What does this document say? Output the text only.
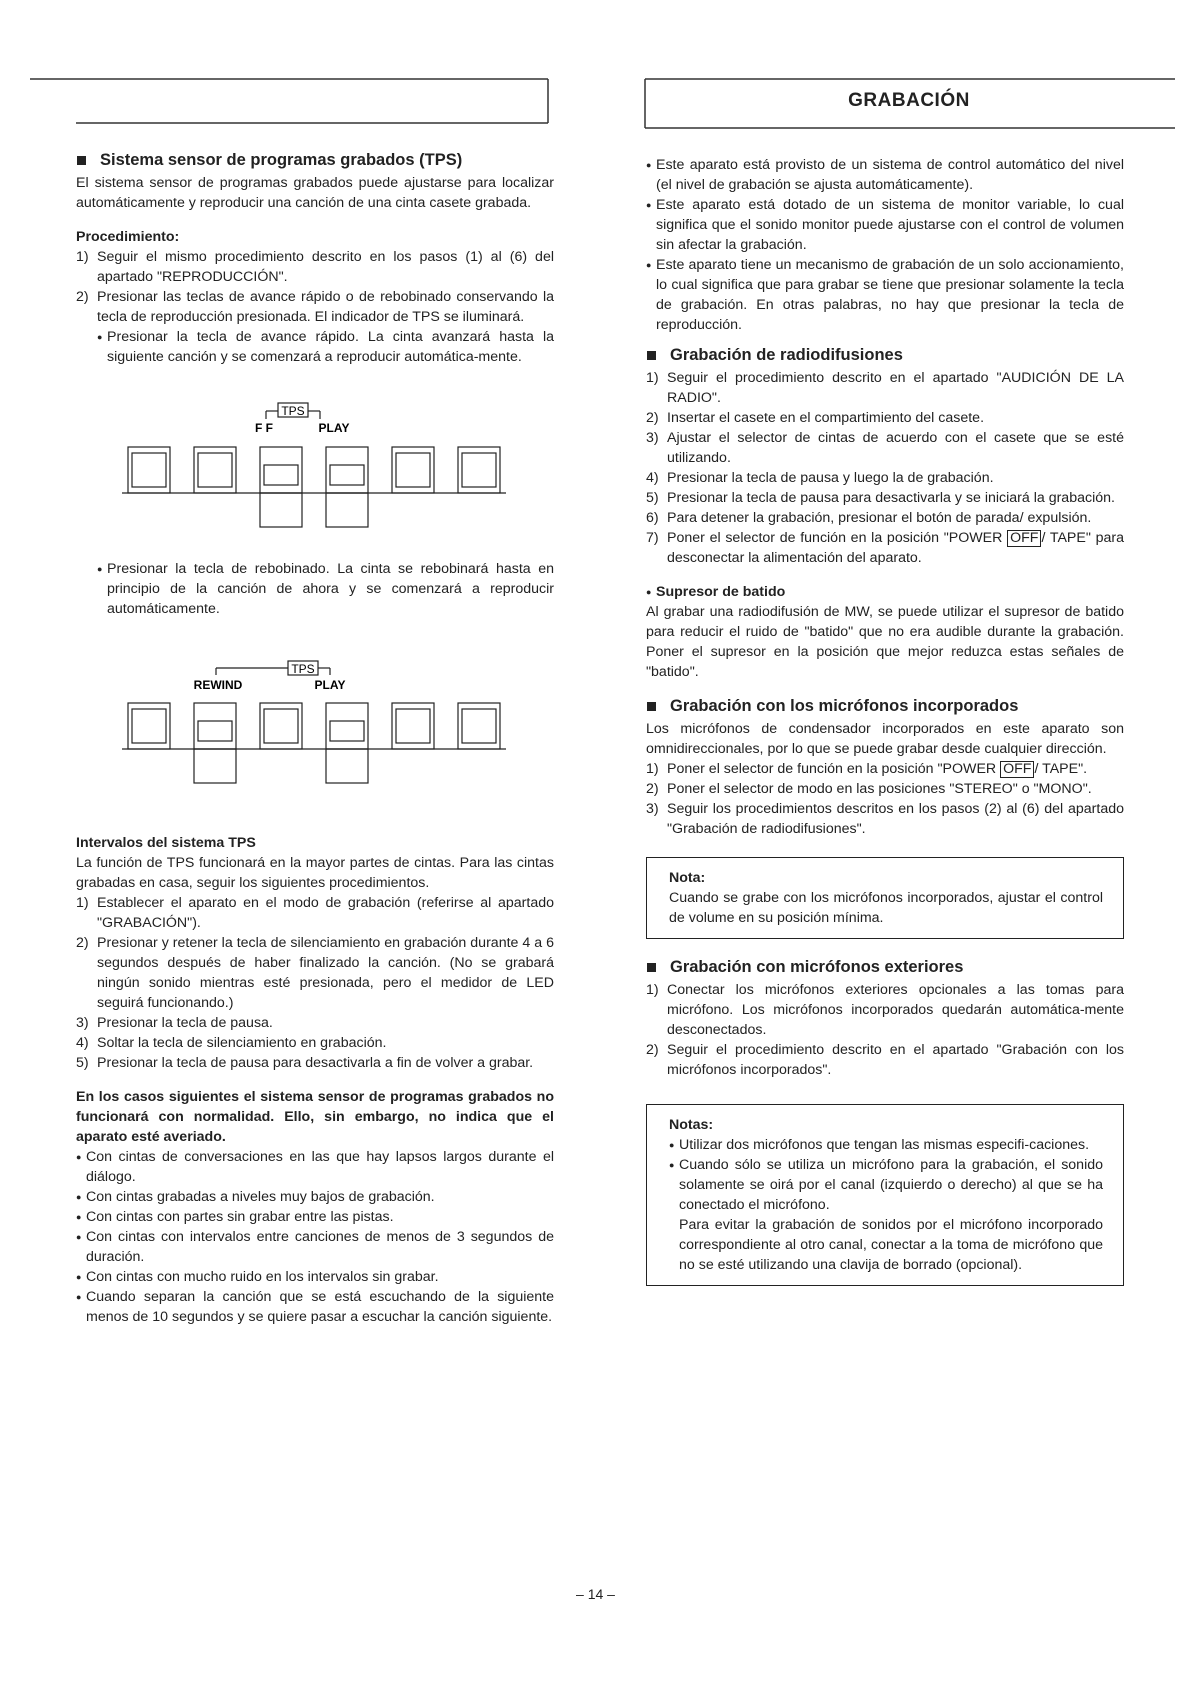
GRABACIÓN
Sistema sensor de programas grabados (TPS)

El sistema sensor de programas grabados puede ajustarse para localizar automáticamente y reproducir una canción de una cinta casete grabada.

Procedimiento:

1) Seguir el mismo procedimiento descrito en los pasos (1) al (6) del apartado "REPRODUCCIÓN".
2) Presionar las teclas de avance rápido o de rebobinado conservando la tecla de reproducción presionada. El indicador de TPS se iluminará.
● Presionar la tecla de avance rápido. La cinta avanzará hasta la siguiente canción y se comenzará a reproducir automática-mente.
TPS
F F	PLAY
● Presionar la tecla de rebobinado. La cinta se rebobinará hasta en principio de la canción de ahora y se comenzará a reproducir automáticamente.
TPS
REWIND	PLAY

Intervalos del sistema TPS

La función de TPS funcionará en la mayor partes de cintas. Para las cintas grabadas en casa, seguir los siguientes procedimientos.

1) Establecer el aparato en el modo de grabación (referirse al apartado "GRABACIÓN").
2) Presionar y retener la tecla de silenciamiento en grabación durante 4 a 6 segundos después de haber finalizado la canción. (No se grabará ningún sonido mientras esté presionada, pero el medidor de LED seguirá funcionando.)
3) Presionar la tecla de pausa.
4) Soltar la tecla de silenciamiento en grabación.
5) Presionar la tecla de pausa para desactivarla a fin de volver a grabar.

En los casos siguientes el sistema sensor de programas grabados no funcionará con normalidad. Ello, sin embargo, no indica que el aparato esté averiado.

● Con cintas de conversaciones en las que hay lapsos largos durante el diálogo.
● Con cintas grabadas a niveles muy bajos de grabación.
● Con cintas con partes sin grabar entre las pistas.
● Con cintas con intervalos entre canciones de menos de 3 segundos de duración.
● Con cintas con mucho ruido en los intervalos sin grabar.
● Cuando separan la canción que se está escuchando de la siguiente menos de 10 segundos y se quiere pasar a escuchar la canción siguiente.
● Este aparato está provisto de un sistema de control automático del nivel (el nivel de grabación se ajusta automáticamente).
● Este aparato está dotado de un sistema de monitor variable, lo cual significa que el sonido monitor puede ajustarse con el control de volumen sin afectar la grabación.
● Este aparato tiene un mecanismo de grabación de un solo accionamiento, lo cual significa que para grabar se tiene que presionar solamente la tecla de grabación. En otras palabras, no hay que presionar la tecla de reproducción.
Grabación de radiodifusiones
1) Seguir el procedimiento descrito en el apartado "AUDICIÓN DE LA RADIO".
2) Insertar el casete en el compartimiento del casete.
3) Ajustar el selector de cintas de acuerdo con el casete que se esté utilizando.
4) Presionar la tecla de pausa y luego la de grabación.
5) Presionar la tecla de pausa para desactivarla y se iniciará la grabación.
6) Para detener la grabación, presionar el botón de parada/ expulsión.
7) Poner el selector de función en la posición "POWER OFF / TAPE" para desconectar la alimentación del aparato.

● Supresor de batido

Al grabar una radiodifusión de MW, se puede utilizar el supresor de batido para reducir el ruido de "batido" que no era audible durante la grabación. Poner el supresor en la posición que mejor reduzca estas señales de "batido".

Grabación con los micrófonos incorporados

Los micrófonos de condensador incorporados en este aparato son omnidireccionales, por lo que se puede grabar desde cualquier dirección.

1) Poner el selector de función en la posición "POWER OFF / TAPE".
2) Poner el selector de modo en las posiciones "STEREO" o "MONO".
3) Seguir los procedimientos descritos en los pasos (2) al (6) del apartado "Grabación de radiodifusiones".

Nota:

Cuando se grabe con los micrófonos incorporados, ajustar el control de volume en su posición mínima.

Grabación con micrófonos exteriores
1) Conectar los micrófonos exteriores opcionales a las tomas para micrófono. Los micrófonos incorporados quedarán automática-mente desconectados.
2) Seguir el procedimiento descrito en el apartado "Grabación con los micrófonos incorporados".

Notas:

● Utilizar dos micrófonos que tengan las mismas especifi-caciones.
● Cuando sólo se utiliza un micrófono para la grabación, el sonido solamente se oirá por el canal (izquierdo o derecho) al que se ha conectado el micrófono.

Para evitar la grabación de sonidos por el micrófono incorporado correspondiente al otro canal, conectar a la toma de micrófono que no se esté utilizando una clavija de borrado (opcional).

– 14 –
